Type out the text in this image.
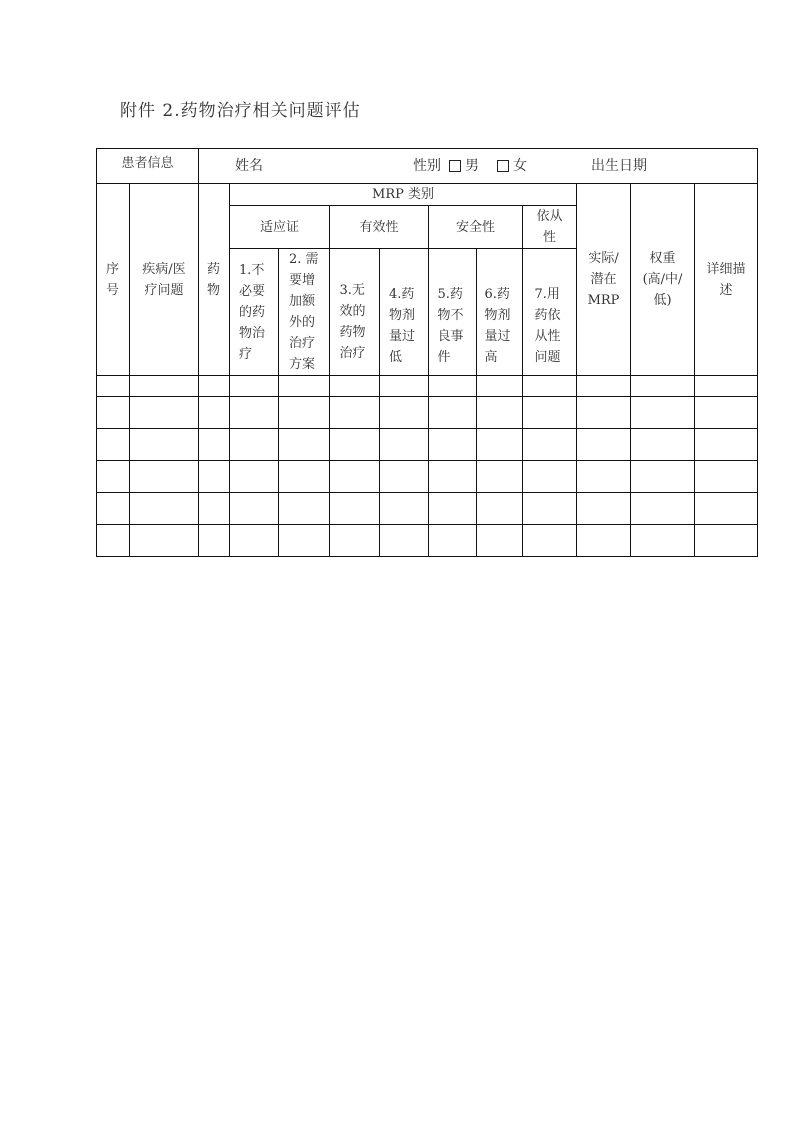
附件 2.药物治疗相关问题评估
患者信息		姓名 性别 男 女 出生日期										

序号	疾病/医疗问题	药物	MRP 类别							实际/潜在MRP	权重(高/中/低)	详细描述
			适应证		有效性		安全性		依从性			
			1.不必要的药物治疗	2. 需要增加额外的治疗方案	3.无效的药物治疗	4.药物剂量过低	5.药物不良事件	6.药物剂量过高	7.用药依从性问题			
